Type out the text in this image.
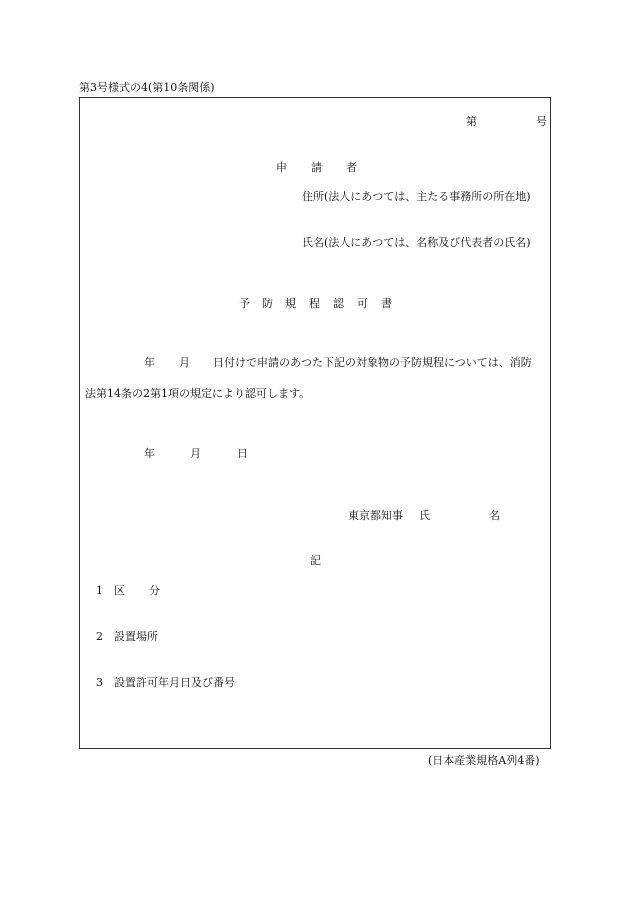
第3号様式の4(第10条関係)
第	号
申 請 者
住所(法人にあつては、主たる事務所の所在地)
氏名(法人にあつては、名称及び代表者の氏名)
予 防 規 程 認 可 書
年 月 日付けで申請のあつた下記の対象物の予防規程については、消防
法第14条の2第1項の規定により認可します。
年	月	日
東京都知事 氏	名
記
1 区 分
2 設置場所
3 設置許可年月日及び番号
(日本産業規格A列4番)
